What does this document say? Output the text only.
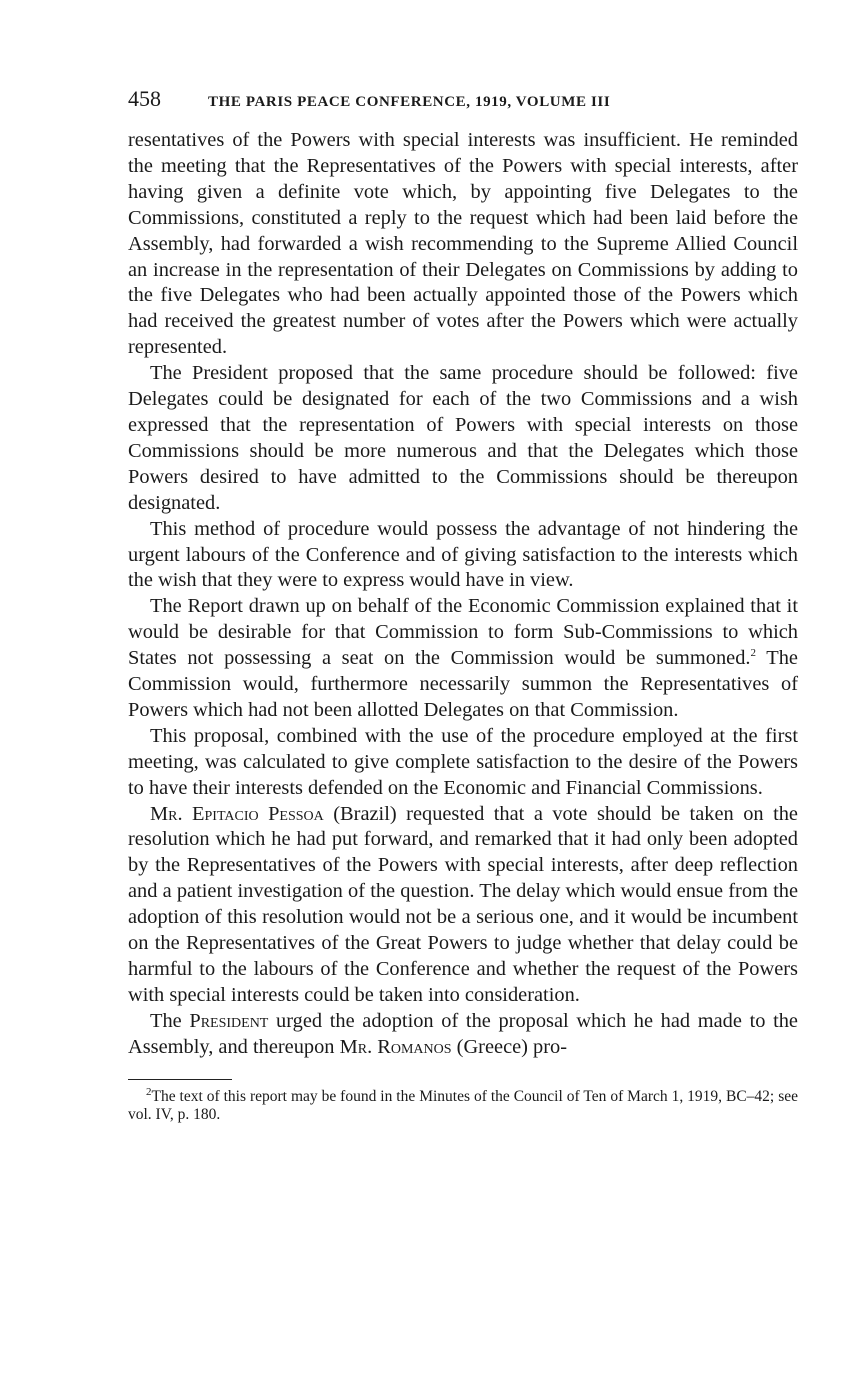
458	THE PARIS PEACE CONFERENCE, 1919, VOLUME III

resentatives of the Powers with special interests was insufficient. He reminded the meeting that the Representatives of the Powers with special interests, after having given a definite vote which, by appointing five Delegates to the Commissions, constituted a reply to the request which had been laid before the Assembly, had forwarded a wish recommending to the Supreme Allied Council an increase in the representation of their Delegates on Commissions by adding to the five Delegates who had been actually appointed those of the Powers which had received the greatest number of votes after the Powers which were actually represented.

The President proposed that the same procedure should be followed: five Delegates could be designated for each of the two Commissions and a wish expressed that the representation of Powers with special interests on those Commissions should be more numerous and that the Delegates which those Powers desired to have admitted to the Commissions should be thereupon designated.

This method of procedure would possess the advantage of not hindering the urgent labours of the Conference and of giving satisfaction to the interests which the wish that they were to express would have in view.

The Report drawn up on behalf of the Economic Commission explained that it would be desirable for that Commission to form Sub-Commissions to which States not possessing a seat on the Commission would be summoned.$^2$ The Commission would, furthermore necessarily summon the Representatives of Powers which had not been allotted Delegates on that Commission.

This proposal, combined with the use of the procedure employed at the first meeting, was calculated to give complete satisfaction to the desire of the Powers to have their interests defended on the Economic and Financial Commissions.

Mr. Epitacio Pessoa (Brazil) requested that a vote should be taken on the resolution which he had put forward, and remarked that it had only been adopted by the Representatives of the Powers with special interests, after deep reflection and a patient investigation of the question. The delay which would ensue from the adoption of this resolution would not be a serious one, and it would be incumbent on the Representatives of the Great Powers to judge whether that delay could be harmful to the labours of the Conference and whether the request of the Powers with special interests could be taken into consideration.

The President urged the adoption of the proposal which he had made to the Assembly, and thereupon Mr. Romanos (Greece) pro-

$^2$The text of this report may be found in the Minutes of the Council of Ten of March 1, 1919, BC–42; see vol. IV, p. 180.
